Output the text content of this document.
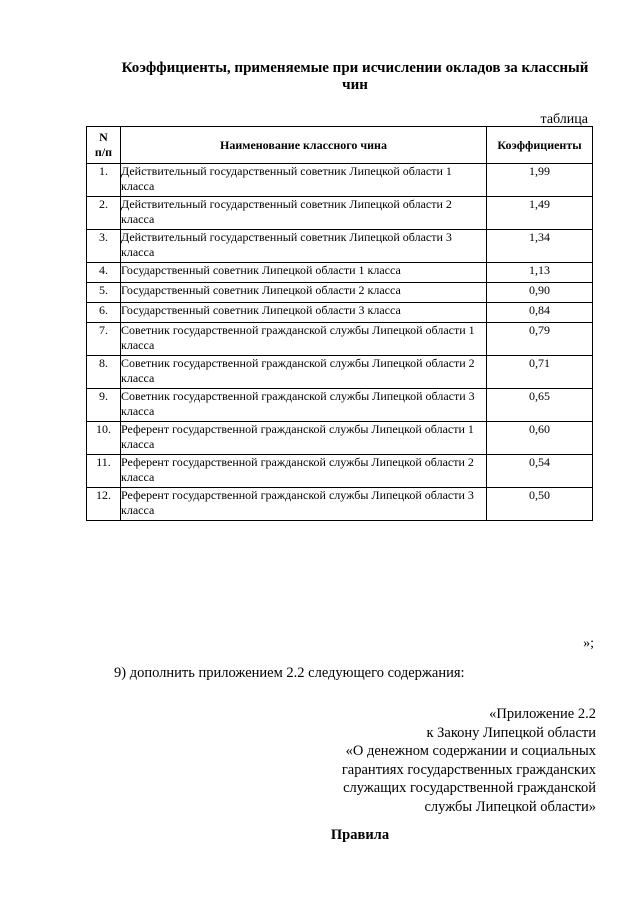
Коэффициенты, применяемые при исчислении окладов за классный
чин
таблица
N
п/п	Наименование классного чина	Коэффициенты
1.	Действительный государственный советник Липецкой области 1 класса	1,99
2.	Действительный государственный советник Липецкой области 2 класса	1,49
3.	Действительный государственный советник Липецкой области 3 класса	1,34
4.	Государственный советник Липецкой области 1 класса	1,13
5.	Государственный советник Липецкой области 2 класса	0,90
6.	Государственный советник Липецкой области 3 класса	0,84
7.	Советник государственной гражданской службы Липецкой области 1 класса	0,79
8.	Советник государственной гражданской службы Липецкой области 2 класса	0,71
9.	Советник государственной гражданской службы Липецкой области 3 класса	0,65
10.	Референт государственной гражданской службы Липецкой области 1 класса	0,60
11.	Референт государственной гражданской службы Липецкой области 2 класса	0,54
12.	Референт государственной гражданской службы Липецкой области 3 класса	0,50
»;
9) дополнить приложением 2.2 следующего содержания:
«Приложение 2.2
к Закону Липецкой области
«О денежном содержании и социальных
гарантиях государственных гражданских
служащих государственной гражданской
службы Липецкой области»
Правила
